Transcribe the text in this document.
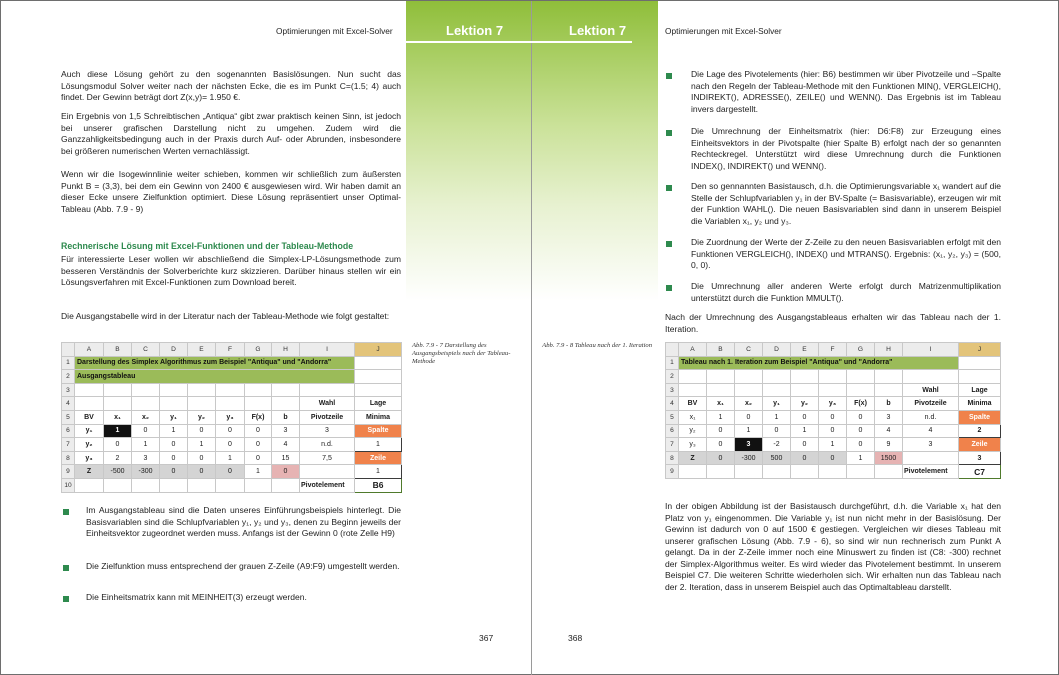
Optimierungen mit Excel-Solver	Lektion 7	Lektion 7	Optimierungen mit Excel-Solver
Auch diese Lösung gehört zu den sogenannten Basislösungen. Nun sucht das Lösungsmodul Solver weiter nach der nächsten Ecke, die es im Punkt C=(1.5; 4) auch findet. Der Gewinn beträgt dort Z(x,y)= 1.950 €.
Ein Ergebnis von 1,5 Schreibtischen „Antiqua“ gibt zwar praktisch keinen Sinn, ist jedoch bei unserer grafischen Darstellung nicht zu umgehen. Zudem wird die Ganzzahligkeitsbedingung auch in der Praxis durch Auf- oder Abrunden, insbesondere bei größeren numerischen Werten vernachlässigt.
Wenn wir die Isogewinnlinie weiter schieben, kommen wir schließlich zum äußersten Punkt B = (3,3), bei dem ein Gewinn von 2400 € ausgewiesen wird. Wir haben damit an dieser Ecke unsere Zielfunktion optimiert. Diese Lösung repräsentiert unser Optimal-Tableau (Abb. 7.9 - 9)
Rechnerische Lösung mit Excel-Funktionen und der Tableau-Methode
Für interessierte Leser wollen wir abschließend die Simplex-LP-Lösungsmethode zum besseren Verständnis der Solverberichte kurz skizzieren. Darüber hinaus stellen wir ein Lösungsverfahren mit Excel-Funktionen zum Download bereit.
Die Ausgangstabelle wird in der Literatur nach der Tableau-Methode wie folgt gestaltet:
Abb. 7.9 - 7 Darstellung des Ausgangsbeispiels nach der Tableau-Methode
	A	B	C	D	E	F	G	H	I	J
1	Darstellung des Simplex Algorithmus zum Beispiel "Antiqua" und "Andorra"									
2	Ausgangstableau									
3										
4									Wahl	Lage
5	BV	x₁	x₂	y₁	y₂	y₃	F(x)	b	Pivotzeile	Minima
6	y₁	1	0	1	0	0	0	3	3	Spalte
7	y₂	0	1	0	1	0	0	4	n.d.	1
8	y₃	2	3	0	0	1	0	15	7,5	Zeile
9	Z	-500	-300	0	0	0	1	0		1
10									Pivotelement	B6
Im Ausgangstableau sind die Daten unseres Einführungsbeispiels hinterlegt. Die Basisvariablen sind die Schlupfvariablen y₁, y₂ und y₃, denen zu Beginn jeweils der Einheitsvektor zugeordnet werden muss. Anfangs ist der Gewinn 0 (rote Zelle H9)
Die Zielfunktion muss entsprechend der grauen Z-Zeile (A9:F9) umgestellt werden.
Die Einheitsmatrix kann mit MEINHEIT(3) erzeugt werden.
367
Die Lage des Pivotelements (hier: B6) bestimmen wir über Pivotzeile und –Spalte nach den Regeln der Tableau-Methode mit den Funktionen MIN(), VERGLEICH(), INDIREKT(), ADRESSE(), ZEILE() und WENN(). Das Ergebnis ist im Tableau invers dargestellt.
Die Umrechnung der Einheitsmatrix (hier: D6:F8) zur Erzeugung eines Einheitsvektors in der Pivotspalte (hier Spalte B) erfolgt nach der so genannten Rechteckregel. Unterstützt wird diese Umrechnung durch die Funktionen INDEX(), INDIREKT() und WENN().
Den so gennannten Basistausch, d.h. die Optimierungsvariable x₁ wandert auf die Stelle der Schlupfvariablen y₁ in der BV-Spalte (= Basisvariable), erzeugen wir mit der Funktion WAHL(). Die neuen Basisvariablen sind dann in unserem Beispiel die Variablen x₁, y₂ und y₃.
Die Zuordnung der Werte der Z-Zeile zu den neuen Basisvariablen erfolgt mit den Funktionen VERGLEICH(), INDEX() und MTRANS(). Ergebnis: (x₁, y₂, y₃) = (500, 0, 0).
Die Umrechnung aller anderen Werte erfolgt durch Matrizenmultiplikation unterstützt durch die Funktion MMULT().
Nach der Umrechnung des Ausgangstableaus erhalten wir das Tableau nach der 1. Iteration.
Abb. 7.9 - 8 Tableau nach der 1. Iteration
	A	B	C	D	E	F	G	H	I	J
1	Tableau nach 1. Iteration zum Beispiel "Antiqua" und "Andorra"									
2										
3									Wahl	Lage
4	BV	x₁	x₂	y₁	y₂	y₃	F(x)	b	Pivotzeile	Minima
5	x₁	1	0	1	0	0	0	3	n.d.	Spalte
6	y₂	0	1	0	1	0	0	4	4	2
7	y₃	0	3	-2	0	1	0	9	3	Zeile
8	Z	0	-300	500	0	0	1	1500		3
9									Pivotelement	C7
In der obigen Abbildung ist der Basistausch durchgeführt, d.h. die Variable x₁ hat den Platz von y₁ eingenommen. Die Variable y₁ ist nun nicht mehr in der Basislösung. Der Gewinn ist dadurch von 0 auf 1500 € gestiegen. Vergleichen wir dieses Tableau mit unserer grafischen Lösung (Abb. 7.9 - 6), so sind wir nun rechnerisch zum Punkt A gelangt. Da in der Z-Zeile immer noch eine Minuswert zu finden ist (C8: -300) rechnet der Simplex-Algorithmus weiter. Es wird wieder das Pivotelement bestimmt. In unserem Beispiel C7. Die weiteren Schritte wiederholen sich. Wir erhalten nun das Tableau nach der 2. Iteration, dass in unserem Beispiel auch das Optimaltableau darstellt.
368
